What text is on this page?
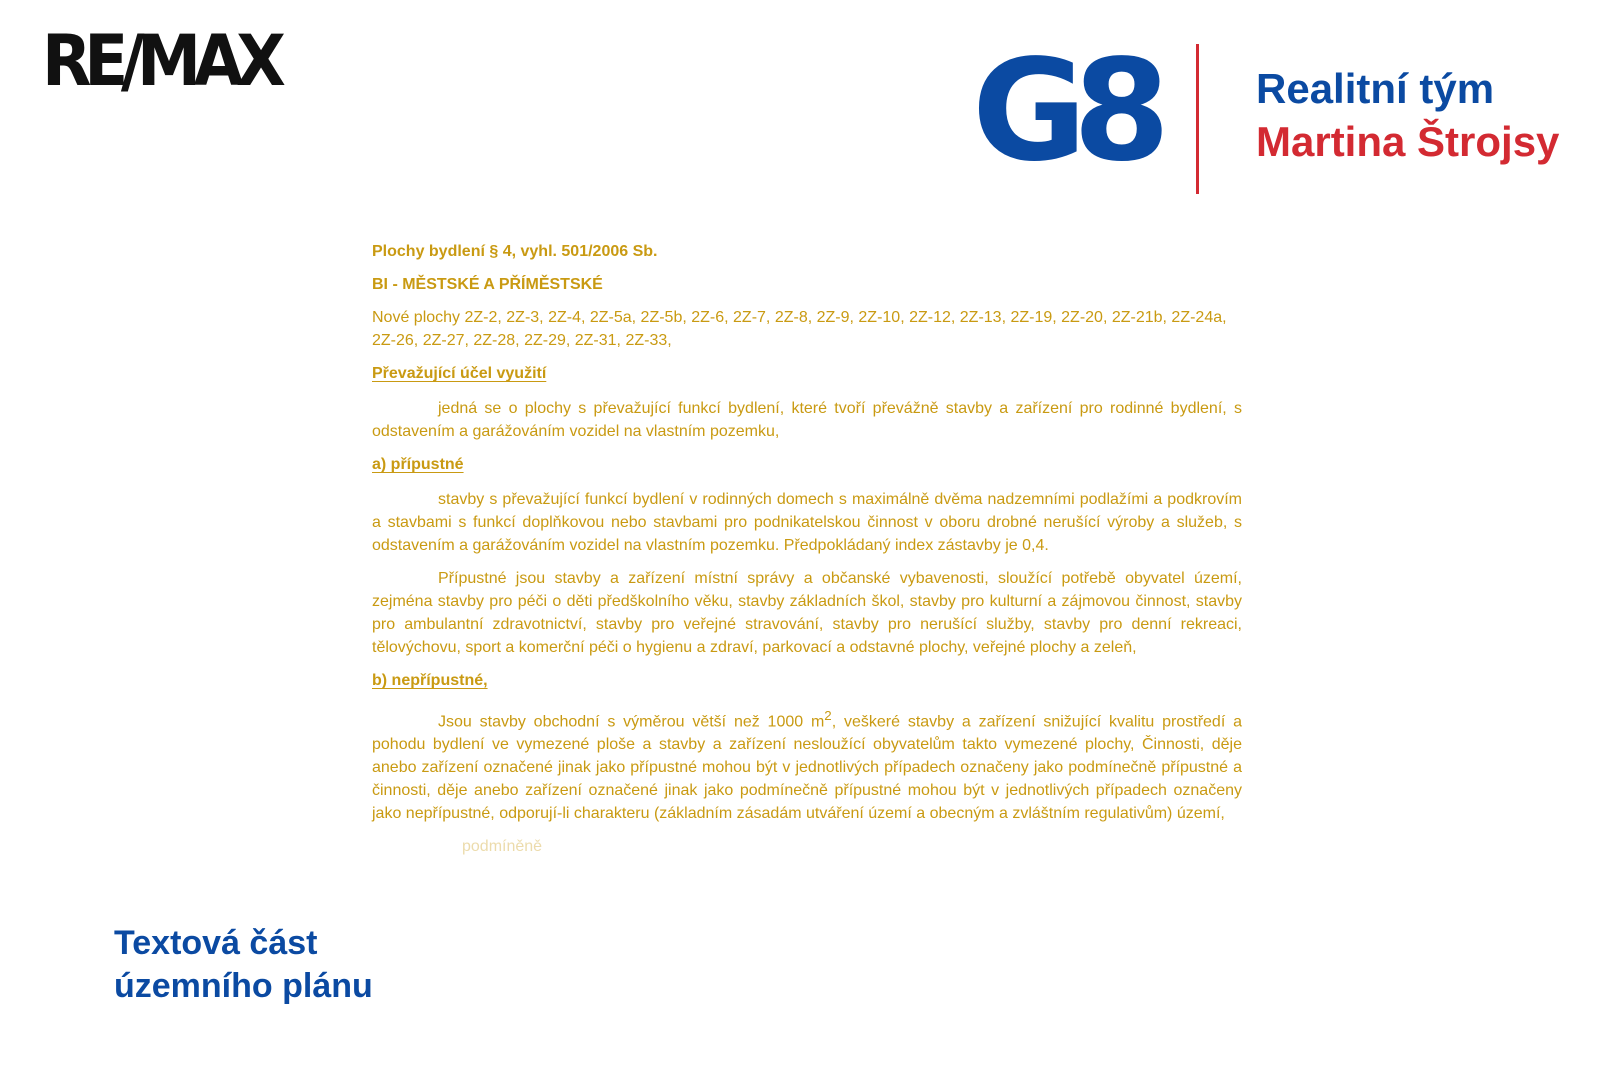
RE/MAX	G8 Realitní tým
Martina Štrojsy

Plochy bydlení § 4, vyhl. 501/2006 Sb.

BI - MĚSTSKÉ A PŘÍMĚSTSKÉ

Nové plochy 2Z-2, 2Z-3, 2Z-4, 2Z-5a, 2Z-5b, 2Z-6, 2Z-7, 2Z-8, 2Z-9, 2Z-10, 2Z-12, 2Z-13, 2Z-19, 2Z-20, 2Z-21b, 2Z-24a, 2Z-26, 2Z-27, 2Z-28, 2Z-29, 2Z-31, 2Z-33,

Převažující účel využití

jedná se o plochy s převažující funkcí bydlení, které tvoří převážně stavby a zařízení pro rodinné bydlení, s odstavením a garážováním vozidel na vlastním pozemku,

a) přípustné

stavby s převažující funkcí bydlení v rodinných domech s maximálně dvěma nadzemními podlažími a podkrovím a stavbami s funkcí doplňkovou nebo stavbami pro podnikatelskou činnost v oboru drobné nerušící výroby a služeb, s odstavením a garážováním vozidel na vlastním pozemku. Předpokládaný index zástavby je 0,4.

Přípustné jsou stavby a zařízení místní správy a občanské vybavenosti, sloužící potřebě obyvatel území, zejména stavby pro péči o děti předškolního věku, stavby základních škol, stavby pro kulturní a zájmovou činnost, stavby pro ambulantní zdravotnictví, stavby pro veřejné stravování, stavby pro nerušící služby, stavby pro denní rekreaci, tělovýchovu, sport a komerční péči o hygienu a zdraví, parkovací a odstavné plochy, veřejné plochy a zeleň,

b) nepřípustné,

Jsou stavby obchodní s výměrou větší než 1000 $m^2$, veškeré stavby a zařízení snižující kvalitu prostředí a pohodu bydlení ve vymezené ploše a stavby a zařízení nesloužící obyvatelům takto vymezené plochy, Činnosti, děje anebo zařízení označené jinak jako přípustné mohou být v jednotlivých případech označeny jako podmínečně přípustné a činnosti, děje anebo zařízení označené jinak jako podmínečně přípustné mohou být v jednotlivých případech označeny jako nepřípustné, odporují-li charakteru (základním zásadám utváření území a obecným a zvláštním regulativům) území,

podmíněně
Textová část
územního plánu
